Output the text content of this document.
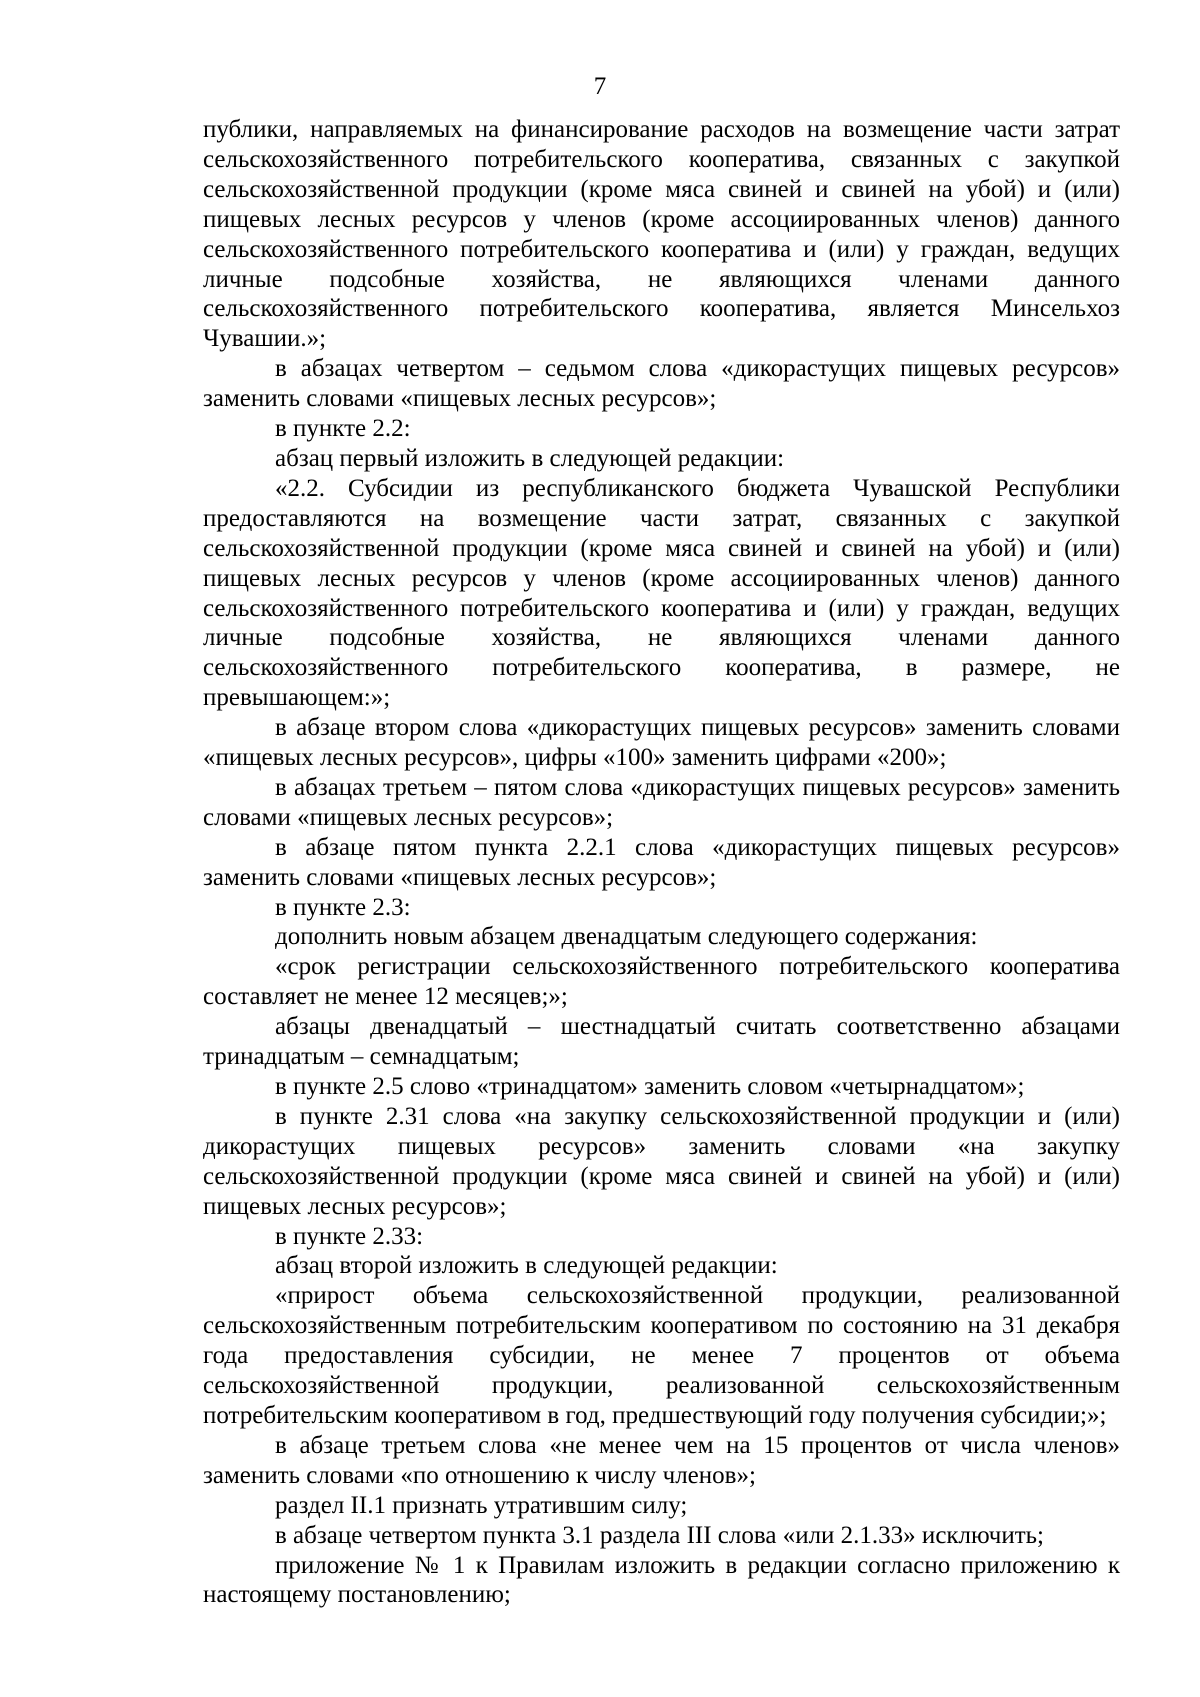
7

публики, направляемых на финансирование расходов на возмещение части затрат сельскохозяйственного потребительского кооператива, связанных с закупкой сельскохозяйственной продукции (кроме мяса свиней и свиней на убой) и (или) пищевых лесных ресурсов у членов (кроме ассоциированных членов) данного сельскохозяйственного потребительского кооператива и (или) у граждан, ведущих личные подсобные хозяйства, не являющихся членами данного сельскохозяйственного потребительского кооператива, является Минсельхоз Чувашии.»;

в абзацах четвертом – седьмом слова «дикорастущих пищевых ресурсов» заменить словами «пищевых лесных ресурсов»;

в пункте 2.2:

абзац первый изложить в следующей редакции:

«2.2. Субсидии из республиканского бюджета Чувашской Республики предоставляются на возмещение части затрат, связанных с закупкой сельскохозяйственной продукции (кроме мяса свиней и свиней на убой) и (или) пищевых лесных ресурсов у членов (кроме ассоциированных членов) данного сельскохозяйственного потребительского кооператива и (или) у граждан, ведущих личные подсобные хозяйства, не являющихся членами данного сельскохозяйственного потребительского кооператива, в размере, не превышающем:»;

в абзаце втором слова «дикорастущих пищевых ресурсов» заменить словами «пищевых лесных ресурсов», цифры «100» заменить цифрами «200»;

в абзацах третьем – пятом слова «дикорастущих пищевых ресурсов» заменить словами «пищевых лесных ресурсов»;

в абзаце пятом пункта 2.2.1 слова «дикорастущих пищевых ресурсов» заменить словами «пищевых лесных ресурсов»;

в пункте 2.3:

дополнить новым абзацем двенадцатым следующего содержания:

«срок регистрации сельскохозяйственного потребительского кооператива составляет не менее 12 месяцев;»;

абзацы двенадцатый – шестнадцатый считать соответственно абзацами тринадцатым – семнадцатым;

в пункте 2.5 слово «тринадцатом» заменить словом «четырнадцатом»;

в пункте 2.31 слова «на закупку сельскохозяйственной продукции и (или) дикорастущих пищевых ресурсов» заменить словами «на закупку сельскохозяйственной продукции (кроме мяса свиней и свиней на убой) и (или) пищевых лесных ресурсов»;

в пункте 2.33:

абзац второй изложить в следующей редакции:

«прирост объема сельскохозяйственной продукции, реализованной сельскохозяйственным потребительским кооперативом по состоянию на 31 декабря года предоставления субсидии, не менее 7 процентов от объема сельскохозяйственной продукции, реализованной сельскохозяйственным потребительским кооперативом в год, предшествующий году получения субсидии;»;

в абзаце третьем слова «не менее чем на 15 процентов от числа членов» заменить словами «по отношению к числу членов»;

раздел II.1 признать утратившим силу;

в абзаце четвертом пункта 3.1 раздела III слова «или 2.1.33» исключить;

приложение № 1 к Правилам изложить в редакции согласно приложению к настоящему постановлению;
